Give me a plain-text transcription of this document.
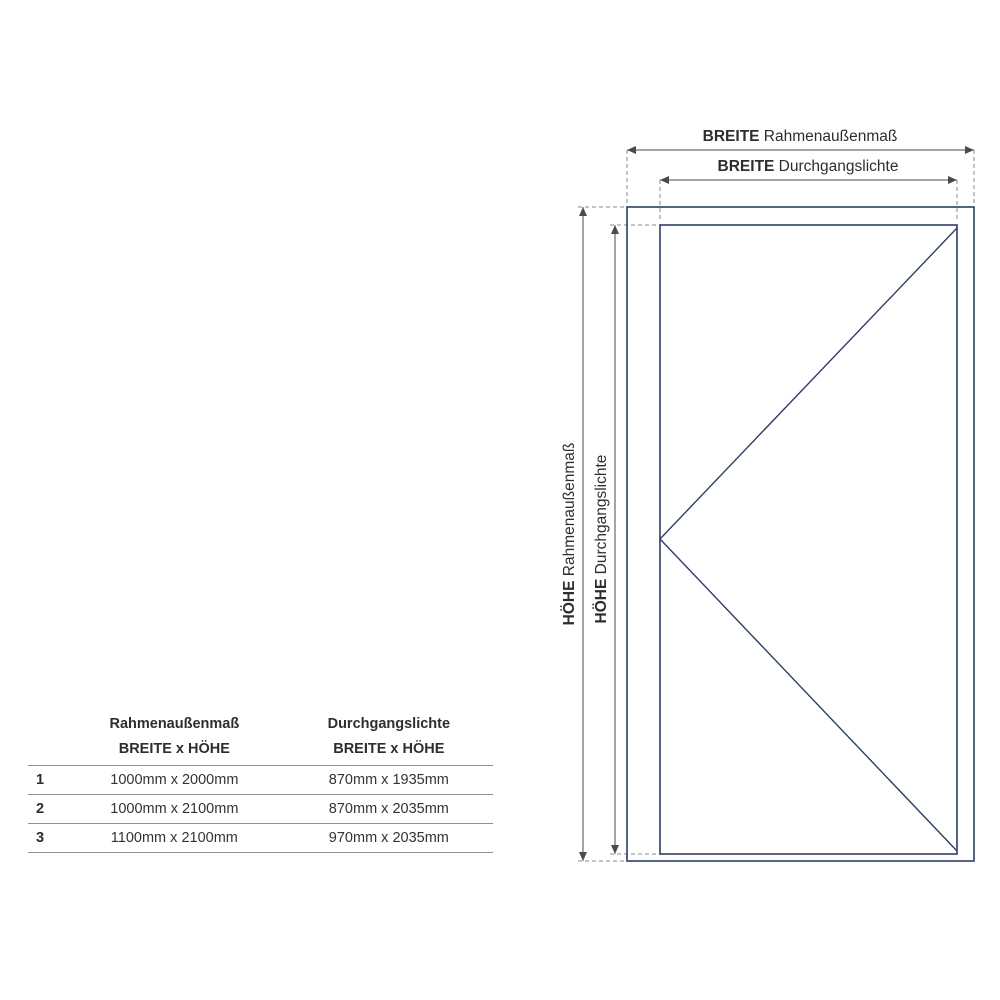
	Rahmenaußenmaß	Durchgangslichte
	BREITE x HÖHE	BREITE x HÖHE
1	1000mm x 2000mm	870mm x 1935mm
2	1000mm x 2100mm	870mm x 2035mm
3	1100mm x 2100mm	970mm x 2035mm
BREITE Rahmenaußenmaß
BREITE Durchgangslichte
HÖHE Rahmenaußenmaß
HÖHE Durchgangslichte
